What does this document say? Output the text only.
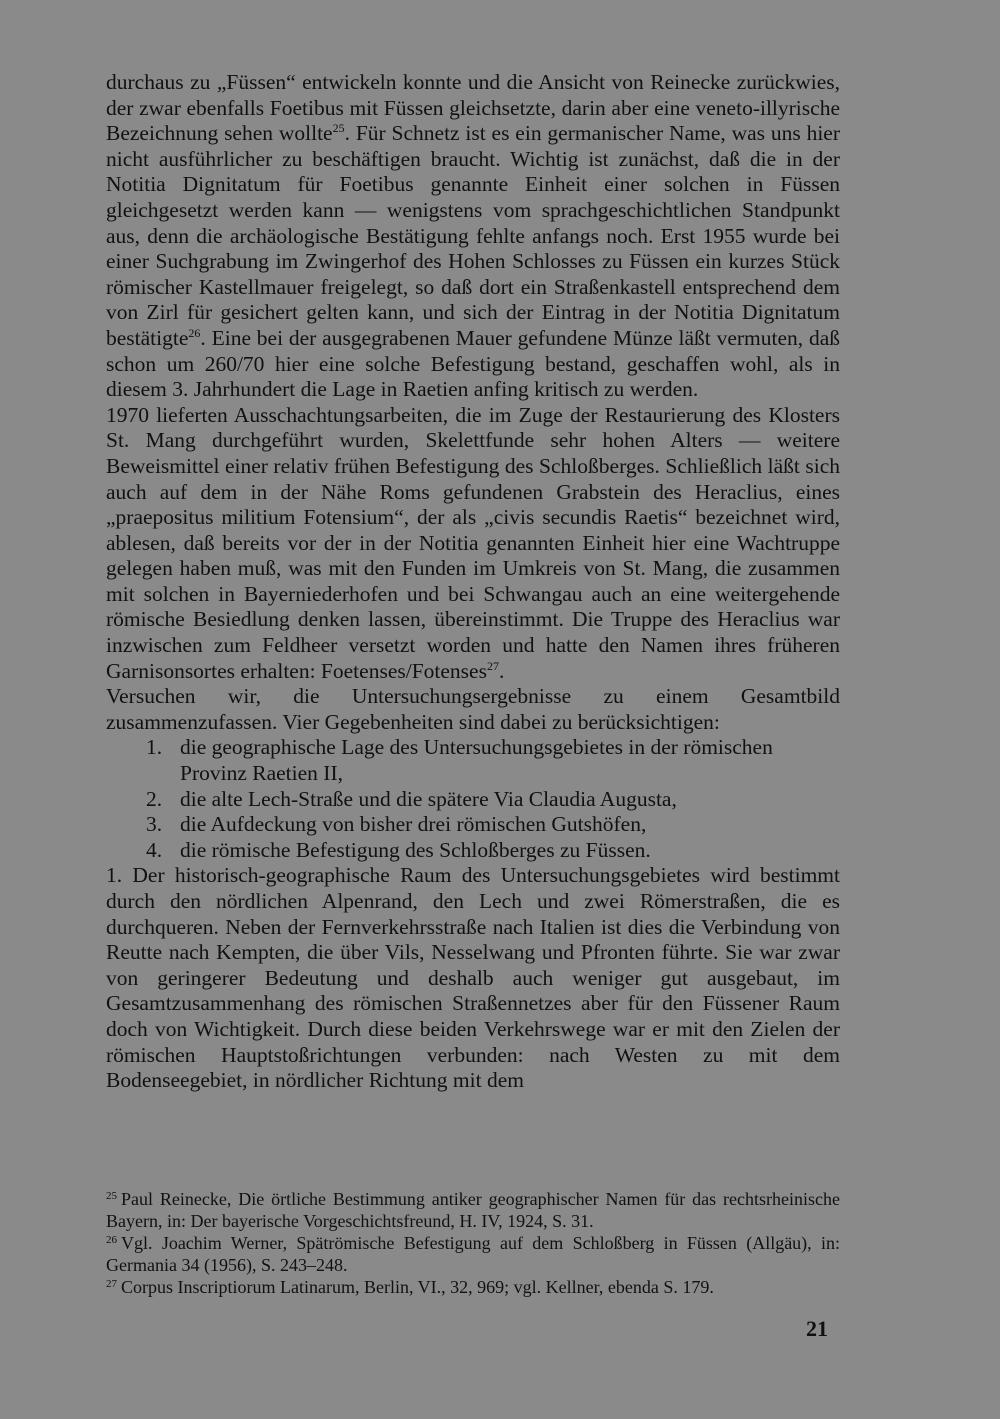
durchaus zu „Füssen“ entwickeln konnte und die Ansicht von Reinecke zurückwies, der zwar ebenfalls Foetibus mit Füssen gleichsetzte, darin aber eine veneto-illyrische Bezeichnung sehen wollte$^{25}$. Für Schnetz ist es ein germanischer Name, was uns hier nicht ausführlicher zu beschäftigen braucht. Wichtig ist zunächst, daß die in der Notitia Dignitatum für Foetibus genannte Einheit einer solchen in Füssen gleichgesetzt werden kann — wenigstens vom sprachgeschichtlichen Standpunkt aus, denn die archäologische Bestätigung fehlte anfangs noch. Erst 1955 wurde bei einer Suchgrabung im Zwingerhof des Hohen Schlosses zu Füssen ein kurzes Stück römischer Kastellmauer freigelegt, so daß dort ein Straßenkastell entsprechend dem von Zirl für gesichert gelten kann, und sich der Eintrag in der Notitia Dignitatum bestätigte$^{26}$. Eine bei der ausgegrabenen Mauer gefundene Münze läßt vermuten, daß schon um 260/70 hier eine solche Befestigung bestand, geschaffen wohl, als in diesem 3. Jahrhundert die Lage in Raetien anfing kritisch zu werden.

1970 lieferten Ausschachtungsarbeiten, die im Zuge der Restaurierung des Klosters St. Mang durchgeführt wurden, Skelettfunde sehr hohen Alters — weitere Beweismittel einer relativ frühen Befestigung des Schloßberges. Schließlich läßt sich auch auf dem in der Nähe Roms gefundenen Grabstein des Heraclius, eines „praepositus militium Fotensium“, der als „civis secundis Raetis“ bezeichnet wird, ablesen, daß bereits vor der in der Notitia genannten Einheit hier eine Wachtruppe gelegen haben muß, was mit den Funden im Umkreis von St. Mang, die zusammen mit solchen in Bayerniederhofen und bei Schwangau auch an eine weitergehende römische Besiedlung denken lassen, übereinstimmt. Die Truppe des Heraclius war inzwischen zum Feldheer versetzt worden und hatte den Namen ihres früheren Garnisonsortes erhalten: Foetenses/Fotenses$^{27}$.

Versuchen wir, die Untersuchungsergebnisse zu einem Gesamtbild zusammenzufassen. Vier Gegebenheiten sind dabei zu berücksichtigen:

1. die geographische Lage des Untersuchungsgebietes in der römischen Provinz Raetien II,
2. die alte Lech-Straße und die spätere Via Claudia Augusta,
3. die Aufdeckung von bisher drei römischen Gutshöfen,
4. die römische Befestigung des Schloßberges zu Füssen.

1. Der historisch-geographische Raum des Untersuchungsgebietes wird bestimmt durch den nördlichen Alpenrand, den Lech und zwei Römerstraßen, die es durchqueren. Neben der Fernverkehrsstraße nach Italien ist dies die Verbindung von Reutte nach Kempten, die über Vils, Nesselwang und Pfronten führte. Sie war zwar von geringerer Bedeutung und deshalb auch weniger gut ausgebaut, im Gesamtzusammenhang des römischen Straßennetzes aber für den Füssener Raum doch von Wichtigkeit. Durch diese beiden Verkehrswege war er mit den Zielen der römischen Hauptstoßrichtungen verbunden: nach Westen zu mit dem Bodenseegebiet, in nördlicher Richtung mit dem

$^{25}$ Paul Reinecke, Die örtliche Bestimmung antiker geographischer Namen für das rechtsrheinische Bayern, in: Der bayerische Vorgeschichtsfreund, H. IV, 1924, S. 31.

$^{26}$ Vgl. Joachim Werner, Spätrömische Befestigung auf dem Schloßberg in Füssen (Allgäu), in: Germania 34 (1956), S. 243–248.

$^{27}$ Corpus Inscriptiorum Latinarum, Berlin, VI., 32, 969; vgl. Kellner, ebenda S. 179.

21
